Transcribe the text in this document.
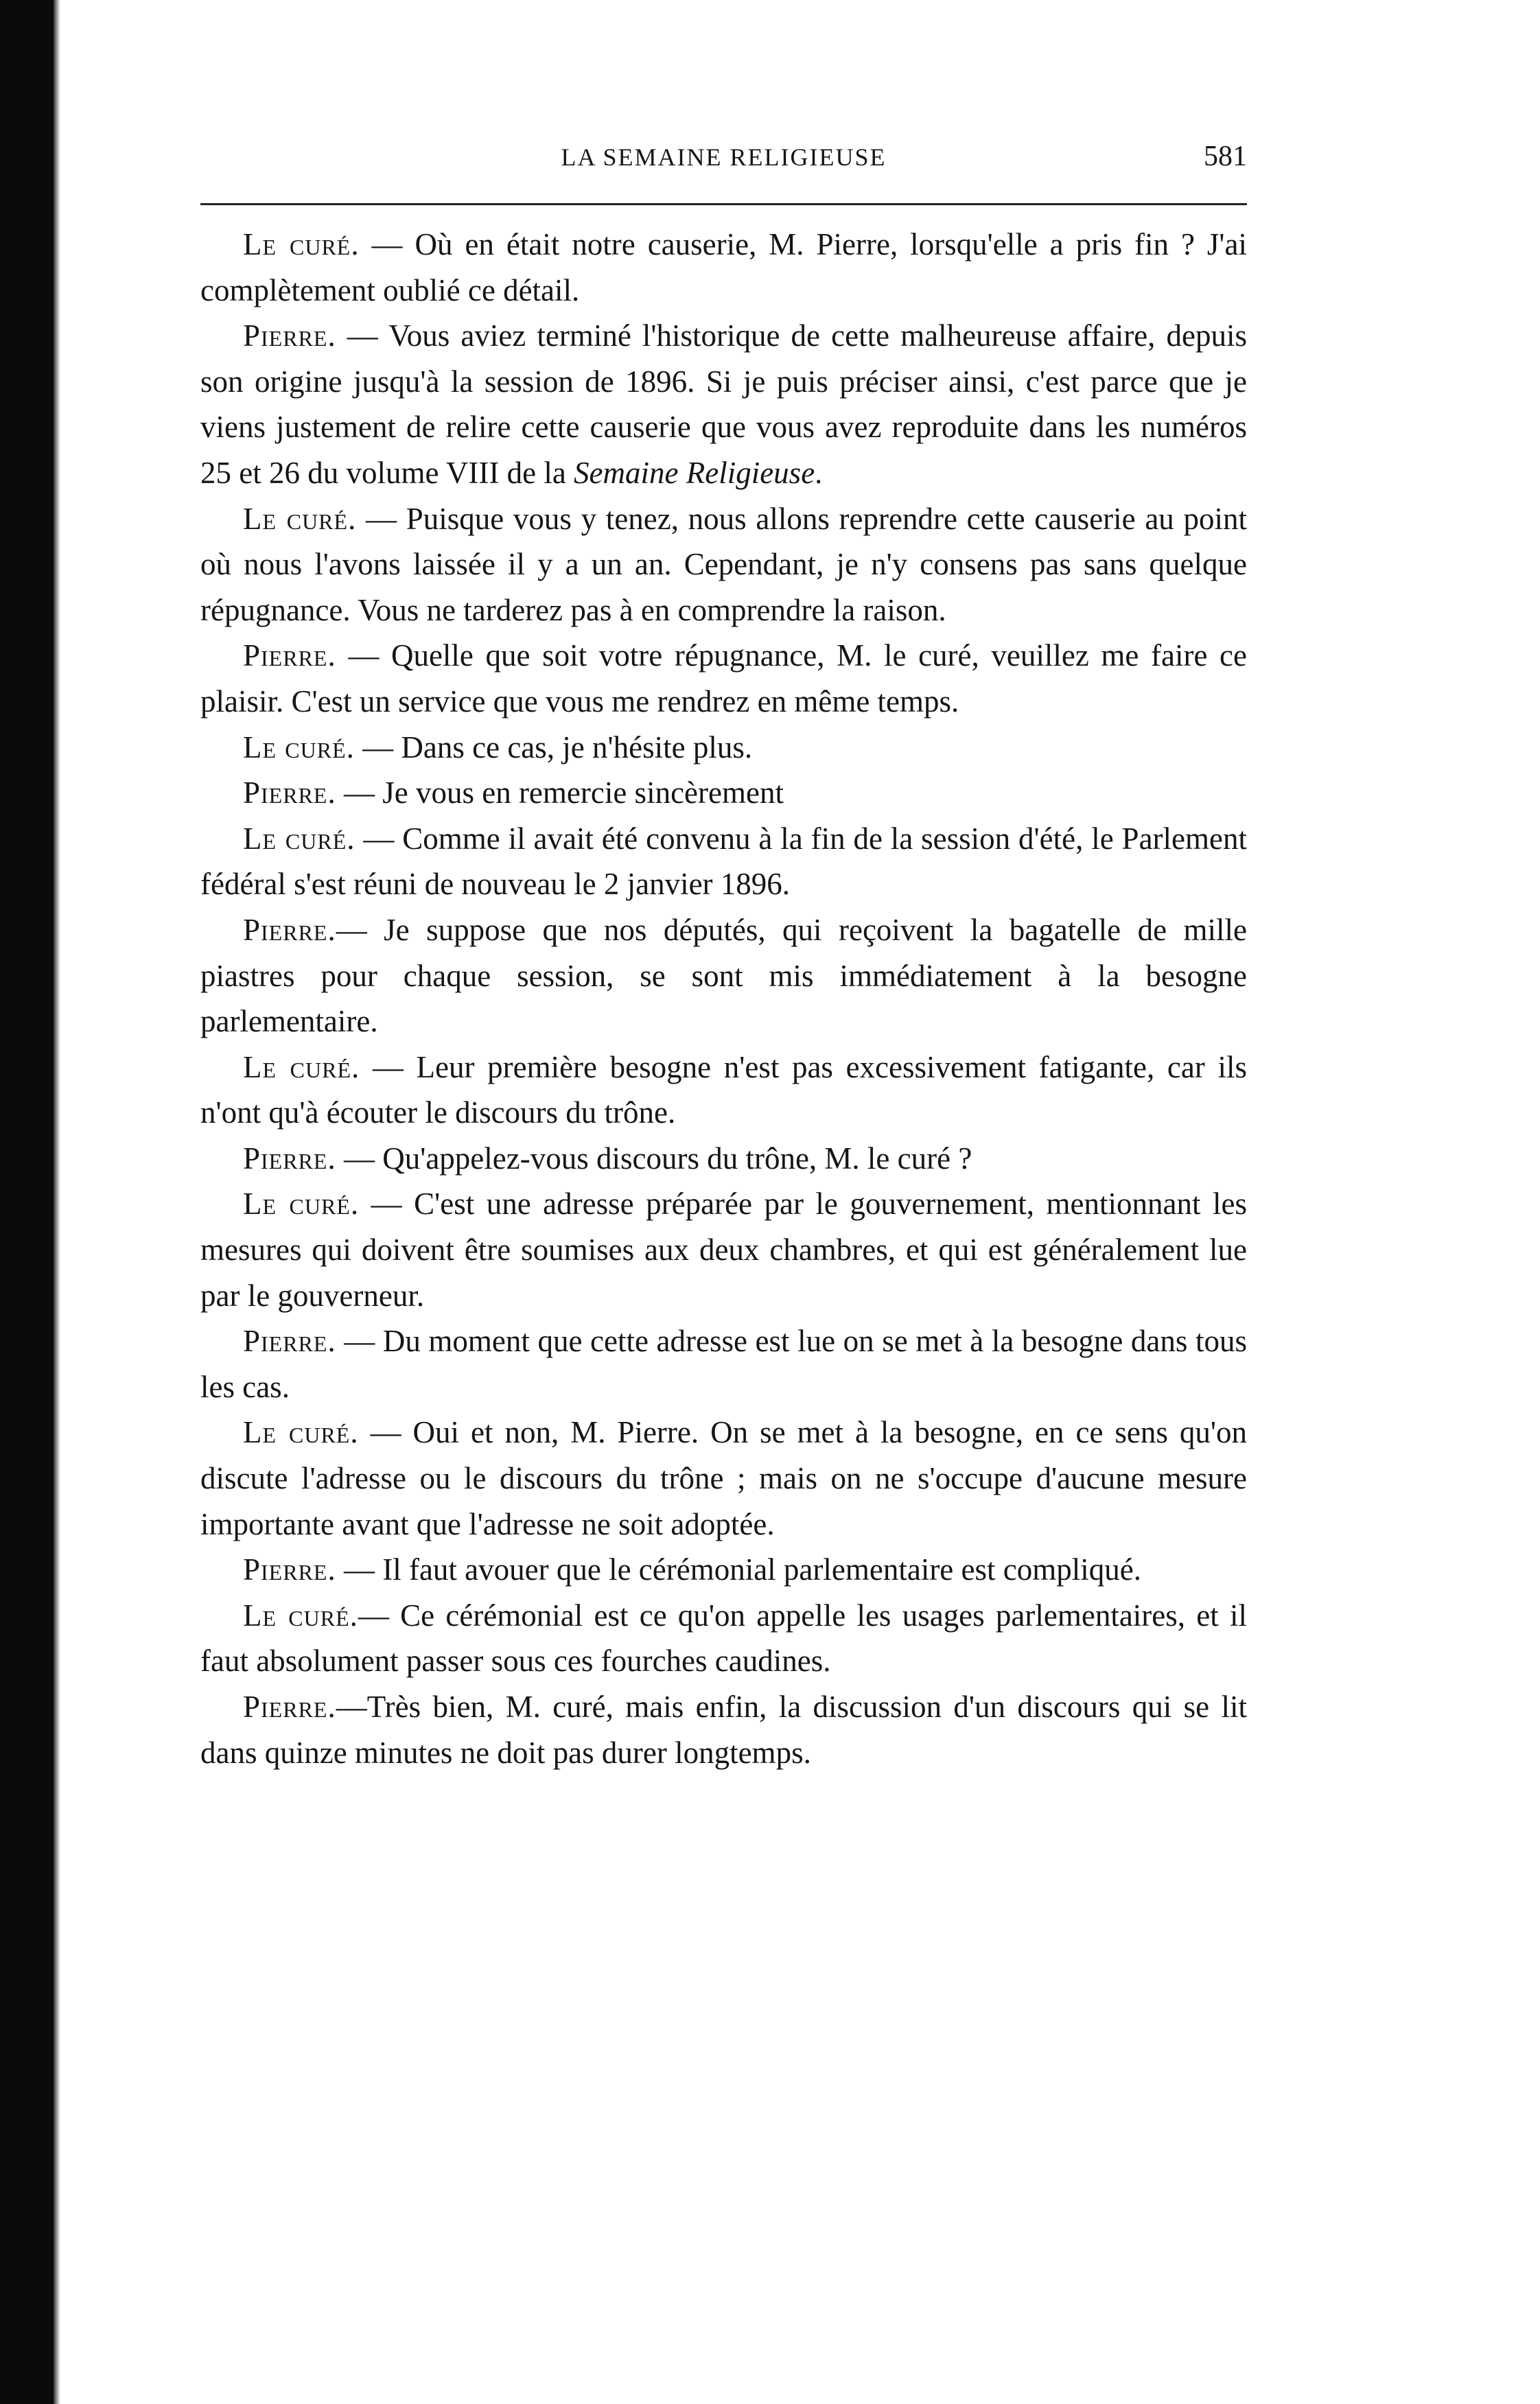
LA SEMAINE RELIGIEUSE	581

Le curé. — Où en était notre causerie, M. Pierre, lorsqu'elle a pris fin ? J'ai complètement oublié ce détail.

Pierre. — Vous aviez terminé l'historique de cette malheureuse affaire, depuis son origine jusqu'à la session de 1896. Si je puis préciser ainsi, c'est parce que je viens justement de relire cette causerie que vous avez reproduite dans les numéros 25 et 26 du volume VIII de la Semaine Religieuse.

Le curé. — Puisque vous y tenez, nous allons reprendre cette causerie au point où nous l'avons laissée il y a un an. Cependant, je n'y consens pas sans quelque répugnance. Vous ne tarderez pas à en comprendre la raison.

Pierre. — Quelle que soit votre répugnance, M. le curé, veuillez me faire ce plaisir. C'est un service que vous me rendrez en même temps.

Le curé. — Dans ce cas, je n'hésite plus.

Pierre. — Je vous en remercie sincèrement

Le curé. — Comme il avait été convenu à la fin de la session d'été, le Parlement fédéral s'est réuni de nouveau le 2 janvier 1896.

Pierre.— Je suppose que nos députés, qui reçoivent la bagatelle de mille piastres pour chaque session, se sont mis immédiatement à la besogne parlementaire.

Le curé. — Leur première besogne n'est pas excessivement fatigante, car ils n'ont qu'à écouter le discours du trône.

Pierre. — Qu'appelez-vous discours du trône, M. le curé ?

Le curé. — C'est une adresse préparée par le gouvernement, mentionnant les mesures qui doivent être soumises aux deux chambres, et qui est généralement lue par le gouverneur.

Pierre. — Du moment que cette adresse est lue on se met à la besogne dans tous les cas.

Le curé. — Oui et non, M. Pierre. On se met à la besogne, en ce sens qu'on discute l'adresse ou le discours du trône ; mais on ne s'occupe d'aucune mesure importante avant que l'adresse ne soit adoptée.

Pierre. — Il faut avouer que le cérémonial parlementaire est compliqué.

Le curé.— Ce cérémonial est ce qu'on appelle les usages parlementaires, et il faut absolument passer sous ces fourches caudines.

Pierre.—Très bien, M. curé, mais enfin, la discussion d'un discours qui se lit dans quinze minutes ne doit pas durer longtemps.
